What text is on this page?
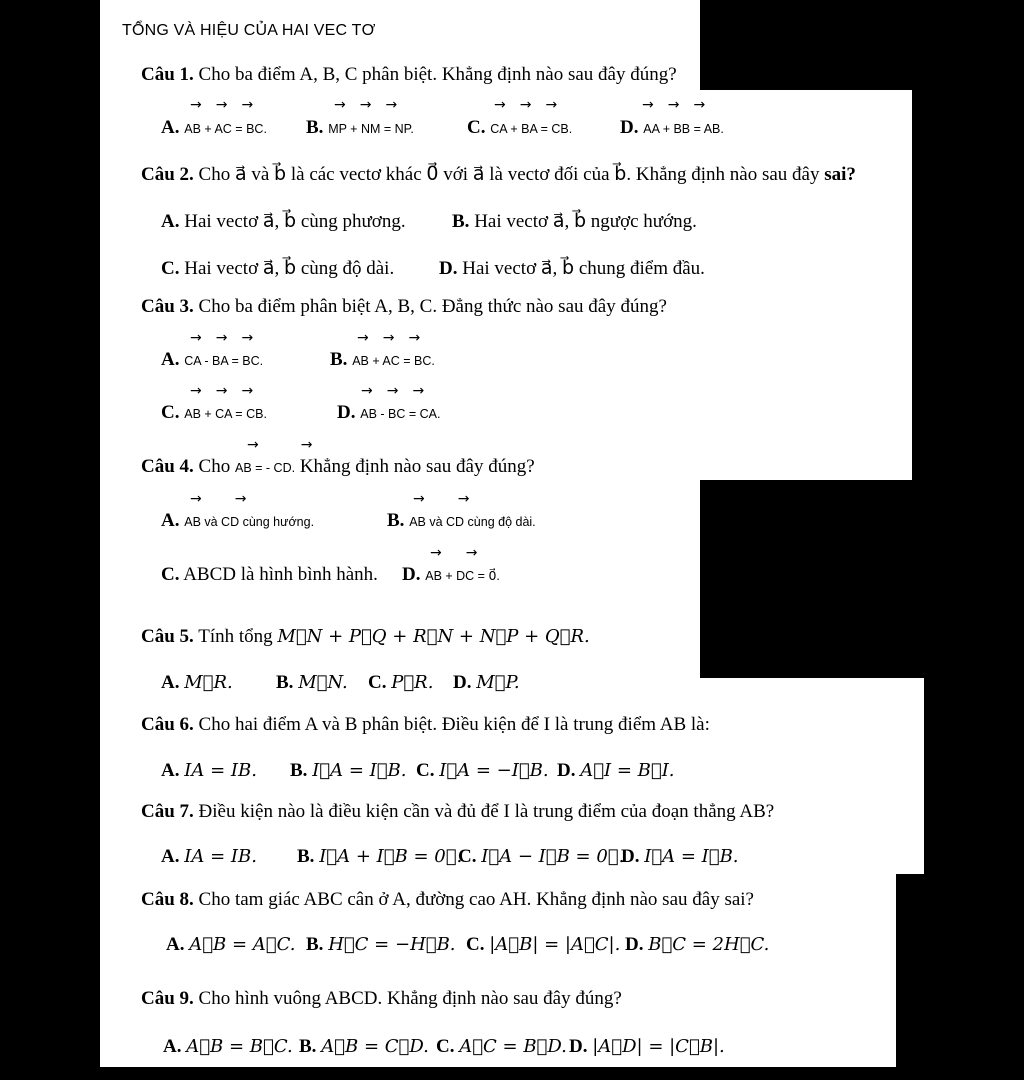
TỔNG VÀ HIỆU CỦA HAI VEC TƠ
Câu 1. Cho ba điểm A, B, C phân biệt. Khẳng định nào sau đây đúng?
→→→
A. AB + AC = BC.
→→→
B. MP + NM = NP.
→→→
C. CA + BA = CB.
→→→
D. AA + BB = AB.
Câu 2. Cho a⃗ và b⃗ là các vectơ khác 0⃗ với a⃗ là vectơ đối của b⃗. Khẳng định nào sau đây sai?
A. Hai vectơ a⃗, b⃗ cùng phương. B. Hai vectơ a⃗, b⃗ ngược hướng.
C. Hai vectơ a⃗, b⃗ cùng độ dài. D. Hai vectơ a⃗, b⃗ chung điểm đầu.
Câu 3. Cho ba điểm phân biệt A, B, C. Đẳng thức nào sau đây đúng?
→→→
A. CA - BA = BC.
→→→
B. AB + AC = BC.
→→→
C. AB + CA = CB.
→→→
D. AB - BC = CA.
→→
Câu 4. Cho AB = - CD. Khẳng định nào sau đây đúng?
→→
A. AB và CD cùng hướng.
→→
B. AB và CD cùng độ dài.
C. ABCD là hình bình hành.
→→
D. AB + DC = 0⃗.
Câu 5. Tính tổng M⃗N + P⃗Q + R⃗N + N⃗P + Q⃗R.
A. M⃗R. B. M⃗N. C. P⃗R. D. M⃗P.
Câu 6. Cho hai điểm A và B phân biệt. Điều kiện để I là trung điểm AB là:
A. IA = IB. B. I⃗A = I⃗B. C. I⃗A = −I⃗B. D. A⃗I = B⃗I.
Câu 7. Điều kiện nào là điều kiện cần và đủ để I là trung điểm của đoạn thẳng AB?
A. IA = IB. B. I⃗A + I⃗B = 0⃗.
C. I⃗A − I⃗B = 0⃗.
D. I⃗A = I⃗B.
Câu 8. Cho tam giác ABC cân ở A, đường cao AH. Khẳng định nào sau đây sai?
A. A⃗B = A⃗C. B. H⃗C = −H⃗B. C. |A⃗B| = |A⃗C|. D. B⃗C = 2H⃗C.
Câu 9. Cho hình vuông ABCD. Khẳng định nào sau đây đúng?
A. A⃗B = B⃗C. B. A⃗B = C⃗D. C. A⃗C = B⃗D. D. |A⃗D| = |C⃗B|.
